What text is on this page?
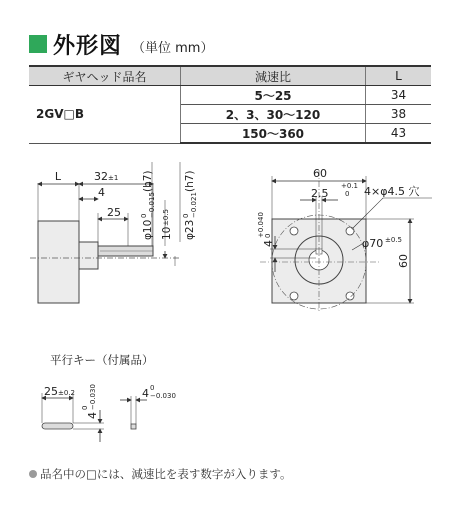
外形図 （単位 mm）
ギヤヘッド品名	減速比	L
2GV□B	5～25	34
	2、3、30～120	38
	150～360	43
L	32 ±1
4
25
φ10
0 −0.015
(h7)
10
±0.5
φ23
0 −0.021
(h7)	60
2.5
+0.1
0 4×φ4.5 穴
φ70 ±0.5
60
4
+0.040 0
25 ±0.2
4
0 −0.030	4 0
−0.030
平行キー（付属品）
品名中の□には、減速比を表す数字が入ります。
